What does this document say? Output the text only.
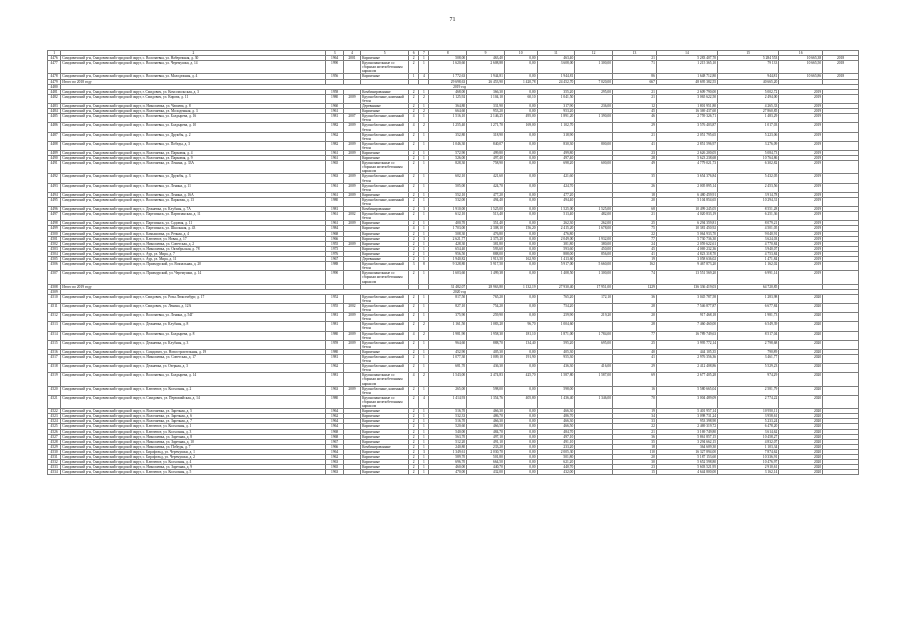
71
1	2	3	4	5	6	7	8	9	10	11	12	13	14	15	16	
4476	Смидовичский р-н, Смидовичский городской округ, с. Волочаевка, ул. Набережная, д. 30	1964	2001	Кирпичные	2	1	508,00	463,40	0,00	463,40		21	5 283 407,70	5 284 553	10 665,38	2018
4477	Смидовичский р-н, Смидовичский городской округ, с. Волочаевка, ул. Черемушки, д. 14	1990		Крупнопанельные со сборным железобетонным каркасом	2	1	1 620,60	2 608,88	0,00	3 608,00	1 300,00	71	1 215 365,10	79 133	10 665,50	2018
4478	Смидовичский р-н, Смидовичский городской округ, с. Волочаевка, ул. Молодежная, д. 4	1956		Кирпичные	1	4	1 772,63	1 944,81	0,00	1 944,81		86	1 648 712,80	944,81	10 665,86	2018
4479	Итого по 2018 году						29 698,63	26 453,90	1 420,78	24 452,70	7 020,00	667	48 695 382,55	40 665,20		
4480	2019 год															
4481	Смидовичский р-н, Смидовичский городской округ, г. Смидович, ул. Комсомольская, д. 3	1958		Комбинированные	2	1	468,00	366,30	0,00	355,20	295,00	21	2 609 790,00	5 002,72	2019	
4482	Смидовичский р-н, Смидовичский городской округ, г. Смидович, ул. Кирова, д. 11	1980	2009	Крупноблочные, каменный бетон	2	2	1 125,92	1 104,10	60,10	1 041,50		21	3 065 622,50	2 494,00	2019	
4483	Смидовичский р-н, Смидовичский городской округ, п. Николаевка, ул. Чапаева, д. 8	1960		Деревянные	2	1	364,80	331,90	0,00	317,90	236,00	12	1 801 951,80	4 265,33	2019	
4484	Смидовичский р-н, Смидовичский городской округ, п. Волочаевка, ул. Молодежная, д. 3	1961		Кирпичные	2	2	664,60	953,20	0,00	953,20		45	16 369 437,60	27 860,85	2019	
4485	Смидовичский р-н, Смидовичский городской округ, с. Волочаевка, ул. Болдырева, д. 16	1981	2007	Крупноблочные, каменный бетон	4	1	1 516,10	2 146,25	495,00	1 891,20	1 390,00	46	2 759 326,71	1 483,29	2019	
4486	Смидовичский р-н, Смидовичский городской округ, с. Волочаевка, ул. Болдырева, д. 10	1982	2009	Крупноблочные, каменный бетон	4	2	1 255,40	1 271,70	169,00	1 102,70		29	3 576 403,87	1 017,03	2019	
4487	Смидовичский р-н, Смидовичский городской округ, с. Волочаевка, ул. Дружбы, д. 2	1962		Крупноблочные, каменный бетон	2	1	352,80	318,90	0,00	318,90		21	2 051 795,65	5 223,06	2019	
4488	Смидовичский р-н, Смидовичский городской округ, с. Волочаевка, ул. Победы, д. 3	1982	2009	Крупноблочные, каменный бетон	2	1	1 046,30	840,07	0,00	830,30	800,00	41	2 851 596,97	3 276,09	2019	
4489	Смидовичский р-н, Смидовичский городской округ, п. Волочаевка, ул. Парковая, д. 4	1961	2009	Кирпичные	2	1	572,90	499,80	0,00	499,80		23	2 626 200,05	5 084,73	2019	
4490	Смидовичский р-н, Смидовичский городской округ, п. Волочаевка, ул. Парковая, д. 9	1961		Кирпичные	2	1	526,00	497,40	0,00	497,40		28	5 623 238,68	10 764,86	2019	
4491	Смидовичский р-н, Смидовичский городской округ, п. Волочаевка, ул. Ленина, д. 33А	1965		Крупнопанельные со сборным железобетонным каркасом	2	1	828,30	758,90	0,00	698,20	600,00	49	4 779 021,73	6 302,82	2019	
4492	Смидовичский р-н, Смидовичский городской округ, с. Волочаевка, ул. Дружбы, д. 3	1963	2009	Крупноблочные, каменный бетон	2	1	602,10	421,60	0,00	421,60		35	3 654 376,84	5 432,05	2019	
4493	Смидовичский р-н, Смидовичский городской округ, с. Волочаевка, ул. Ленина, д. 11	1961	2009	Крупноблочные, каменный бетон	2	1	505,00	424,70	0,00	424,70		26	2 005 895,14	2 453,56	2019	
4494	Смидовичский р-н, Смидовичский городской округ, с. Волочаевка, ул. Ленина, д. 16А	1961	2009	Кирпичные	2	1	552,10	477,20	0,00	477,20		18	6 480 459,91	3 914,78	2019	
4495	Смидовичский р-н, Смидовичский городской округ, с. Волочаевка, ул. Парковая, д. 13	1980		Крупноблочные, каменный бетон	2	1	532,00	494,40	0,00	494,40		20	5 104 854,65	10 294,31	2019	
4496	Смидовичский р-н, Смидовичский городской округ, с. Дежневка, ул. Клубная, д. 7А	1981		Комбинированные	2	3	1 910,00	1 525,00	0,00	1 525,00	1 525,00	68	10 499 245,05	8 551,28	2019	
4497	Смидовичский р-н, Смидовичский городской округ, с. Партизанск, ул. Партизанская, д. 11	1961	2002	Крупноблочные, каменный бетон	2	1	612,10	513,40	0,00	513,40	482,00	21	4 020 833,19	6 251,36	2019	
4498	Смидовичский р-н, Смидовичский городской округ, с. Партизанск, ул. Садовая, д. 11	1961	2009	Кирпичные	2	1	400,70	351,40	0,00	262,30	262,00	25	6 294 359,81	8 079,21	2019	
4499	Смидовичский р-н, Смидовичский городской округ, с. Партизанск, ул. Школьная, д. 43	1984		Кирпичные	4	1	1 703,00	2 308,10	156,20	2 415,20	1 678,00	75	10 381 450,92	4 501,05	2019	
4500	Смидовичский р-н, Смидовичский городской округ, с. Камышовка, ул. Речная, д. 4	1968		Кирпичные	2	1	508,30	476,80	0,00	476,80		22	5 064 933,70	9 040,91	2019	
4501	Смидовичский р-н, Смидовичский городской округ, с. Ключевое, ул. Новая, д. 17	1966		Кирпичные	2	3	2 621,77	2 375,20	0,00	2 049,00	1 932,00	77	5 730 736,30	3 624,03	2019	
4502	Смидовичский р-н, Смидовичский городской округ, п. Николаевка, ул. Советская, д. 2	1955	2009	Кирпичные	2	1	428,30	381,80	0,00	381,80	380,00	24	2 059 622,61	4 770,84	2019	
4503	Смидовичский р-н, Смидовичский городской округ, п. Николаевка, ул. Октябрьская, д. 78	1975		Кирпичные	2	1	654,40	593,60	0,00	593,60	450,00	45	4 069 232,36	3 940,07	2019	
4504	Смидовичский р-н, Смидовичский городской округ, с. Аур, ул. Мира, д. 7	1976		Кирпичные	2	1	956,50	888,00	0,00	888,00	856,00	41	4 823 318,70	4 753,84	2019	
4505	Смидовичский р-н, Смидовичский городской округ, с. Аур, ул. Мира, д. 11	1967		Деревянные	2	1	1 940,82	1 913,50	162,90	1 413,60		19	3 058 636,02	1 471,84	2019	
4506	Смидовичский р-н, Смидовичский городской округ, п. Приамурский, ул. Вокзальная, д. 20	1988		Крупноблочные, каменный бетон	3	8	9 328,80	5 917,50	0,00	5 917,00	5 660,00	162	9 467 873,20	1 162,02	2019	
4507	Смидовичский р-н, Смидовичский городской округ, п. Приамурский, ул. Черемушки, д. 14	1990		Крупнопанельные со сборным железобетонным каркасом	2	1	1 603,60	1 499,38	0,00	1 408,50	1 300,00	74	13 551 569,20	6 991,14	2019	
4508	Итого по 2019 году						31 482,07	28 963,80	1 132,19	27 930,40	17 951,00	1229	136 336 419,03	64 720,85		
4509	2020 год															
4510	Смидовичский р-н, Смидовичский городской округ, г. Смидович, ул. Розы Люксембург, д. 17	1952		Крупноблочные, каменный бетон	2	1	817,50	765,20	0,00	765,20	172,10	36	3 045 787,58	1 283,98	2020	
4511	Смидовичский р-н, Смидовичский городской округ, г. Смидович, ул. Ленина, д. 12А	1955	2002	Крупноблочные, каменный бетон	2	1	827,10	754,20	0,00	754,20		28	7 546 877,87	6 677,84	2020	
4512	Смидовичский р-н, Смидовичский городской округ, с. Волочаевка, ул. Ленина, д. 54Г	1981	2009	Крупноблочные, каменный бетон	2	1	375,90	259,90	0,00	259,90	219,20	20	917 468,18	1 981,73	2020	
4513	Смидовичский р-н, Смидовичский городской округ, с. Дежневка, ул. Клубная, д. 8	1981		Крупноблочные, каменный бетон	2	2	1 161,50	1 083,20	96,70	1 004,60		28	7 460 460,00	6 549,39	2020	
4514	Смидовичский р-н, Смидовичский городской округ, с. Волочаевка, ул. Болдырева, д. 8	1980	2009	Крупноблочные, каменный бетон	4	2	1 981,90	1 958,30	181,10	1 871,00	1 784,00	77	16 789 749,63	8 517,04	2020	
4515	Смидовичский р-н, Смидовичский городской округ, с. Дежневка, ул. Клубная, д. 3	1959	2009	Крупноблочные, каменный бетон	2	1	964,60	888,70	134,40	595,20	695,00	25	3 995 772,14	2 798,68	2020	
4516	Смидовичский р-н, Смидовичский городской округ, с. Смидович, ул. Новостроительная, д. 19	1980		Кирпичные	2	1	452,90	405,30	0,00	405,30		40	444 105,35	790,89	2020	
4517	Смидовичский р-н, Смидовичский городской округ, п. Николаевка, ул. Советская, д. 17	1981		Крупноблочные, каменный бетон	2	1	1 077,30	1 009,10	191,90	955,30		41	2 976 356,36	3 461,77	2020	
4518	Смидовичский р-н, Смидовичский городской округ, с. Дежневка, ул. Озерная, д. 3	1962		Крупноблочные, каменный бетон	2	1	681,70	436,30	0,00	436,30	416,00	29	2 412 408,86	5 529,23	2020	
4519	Смидовичский р-н, Смидовичский городской округ, с. Волочаевка, ул. Болдырева, д. 14	1981		Крупнопанельные со сборным железобетонным каркасом	4	2	1 543,00	2 474,83	425,70	1 587,80	1 587,00	69	2 677 405,28	974,29	2020	
4520	Смидовичский р-н, Смидовичский городской округ, с. Ключевое, ул. Колхозная, д. 2	1963	2009	Крупноблочные, каменный бетон	2	1	265,00	598,00	0,00	598,00		16	5 580 665,04	2 581,79	2020	
4521	Смидовичский р-н, Смидовичский городской округ, п. Смидович, ул. Первомайская, д. 14	1980		Крупнопанельные со сборным железобетонным каркасом	2	4	1 414,93	1 354,76	405,80	1 436,40	1 346,00	70	3 004 489,09	2 774,22	2020	
4522	Смидовичский р-н, Смидовичский городской округ, п. Волочаевка, ул. Заречная, д. 5	1964		Кирпичные	2	1	516,70	466,30	0,00	466,30		19	5 401 957,14	10 950,11	2020	
4523	Смидовичский р-н, Смидовичский городской округ, п. Волочаевка, ул. Заречная, д. 6	1962		Кирпичные	2	1	532,33	486,70	0,00	486,70		34	3 098 731,24	3 958,61	2020	
4524	Смидовичский р-н, Смидовичский городской округ, п. Волочаевка, ул. Заречная, д. 7	1964		Кирпичные	2	1	516,70	466,30	0,00	466,30		33	953 398,90	5 233,24	2020	
4525	Смидовичский р-н, Смидовичский городской округ, с. Ключевое, ул. Колхозная, д. 1	1964		Кирпичные	2	1	520,60	466,50	0,00	466,50		22	2 469 319,72	6 478,20	2020	
4526	Смидовичский р-н, Смидовичский городской округ, с. Ключевое, ул. Колхозная, д. 3	1968		Кирпичные	2	1	540,00	484,70	0,00	484,70		21	3 169 749,80	3 614,62	2020	
4527	Смидовичский р-н, Смидовичский городской округ, п. Николаевка, ул. Заречная, д. 8	1968		Кирпичные	2	1	563,70	497,10	0,00	497,10		36	5 861 857,15	10 458,27	2020	
4528	Смидовичский р-н, Смидовичский городской округ, п. Николаевка, ул. Заречная, д. 10	1967		Кирпичные	2	1	512,20	491,10	0,00	491,10		35	3 294 662,15	4 832,07	2020	
4529	Смидовичский р-н, Смидовичский городской округ, п. Николаевка, ул. Победы, д. 7	1966		Комбинированные	2	1	240,80	233,20	0,00	233,20		18	364 609,30	1 103,34	2020	
4530	Смидовичский р-н, Смидовичский городской округ, с. Бирофельд, ул. Черемушки, д. 1	1964		Кирпичные	2	3	1 349,61	2 030,70	0,00	2 005,30		110	16 327 894,00	7 874,62	2020	
4531	Смидовичский р-н, Смидовичский городской округ, с. Бирофельд, ул. Черемушки, д. 2	1962		Кирпичные	2	1	589,70	501,80	0,00	501,80		20	5 187 153,60	10 336,91	2020	
4532	Смидовичский р-н, Смидовичский городской округ, с. Ключевое, ул. Колхозная, д. 4	1963		Кирпичные	2	1	696,70	664,50	0,00	621,20		30	5 652 598,80	10 476,97	2020	
4533	Смидовичский р-н, Смидовичский городской округ, п. Николаевка, ул. Заречная, д. 9	1965		Кирпичные	2	1	460,00	440,70	0,00	440,70		23	5 603 521,95	2 910,61	2020	
4534	Смидовичский р-н, Смидовичский городской округ, с. Ключевое, ул. Колхозная, д. 5	1963		Кирпичные	2	1	470,00	432,00	0,00	432,00		15	4 644 800,00	3 162,14	2020	
